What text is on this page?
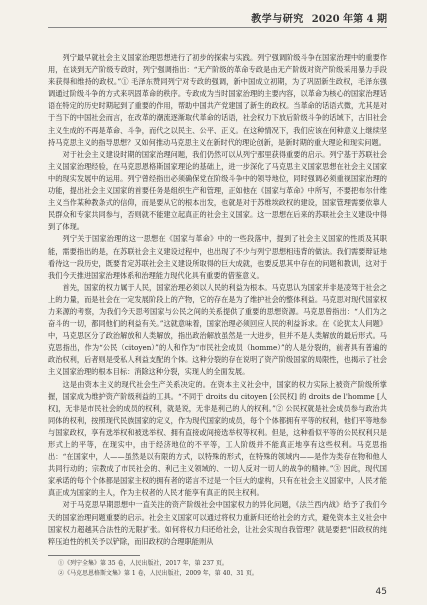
教学与研究 2020 年第 4 期

列宁最早就社会主义国家治理思想进行了初步的探索与实践。列宁强调阶级斗争在国家治理中的重要作用，在谈到无产阶级专政时，列宁强调指出：“无产阶级的革命专政是由无产阶级对资产阶级采用暴力手段来获得和维持的政权。”① 毛泽东赞同列宁对专政的强调，新中国成立初期，为了巩固新生政权，毛泽东强调通过阶级斗争的方式来巩固革命的秩序。专政成为当时国家治理的主要内容，以革命为核心的国家治理话语在特定的历史时期起到了重要的作用，帮助中国共产党建国了新生的政权。当革命的话语式微，尤其是对于当下的中国社会而言，在改革的潮流逐渐取代革命的话语，社会权力下放后阶级斗争的话域下，古旧社会主义生成的不再是革命、斗争，而代之以民主、公平、正义。在这种情况下，我们应该在何种意义上继续坚持马克思主义的指导思想？又如何推动马克思主义在新时代的理论创新，是新时期的重大理论和现实问题。

对于社会主义建设时期的国家治理问题，我们仍然可以从列宁那里获得重要的启示。列宁基于苏联社会主义国家治理经验，在马克思恩格斯国家理论的基础上，进一步深化了马克思主义国家思想在社会主义国家中的现实发展中的运用。列宁曾经指出必须确保党在阶级斗争中的领导地位，同时强调必须重视国家治理的功能，提出社会主义国家的首要任务是组织生产和管理，正如他在《国家与革命》中所写，不要把布尔什维主义当作某种教条式的信仰，而是要从它的根本出发，也就是对于苏维埃政权的建设，国家管理需要依靠人民群众和专家共同参与，否则就不能建立起真正的社会主义国家。这一思想在后来的苏联社会主义建设中得到了体现。

列宁关于国家治理的这一思想在《国家与革命》中的一些段落中，提到了社会主义国家的性质及其职能，需要指出的是，在苏联社会主义建设过程中，也出现了不少与列宁思想相违背的做法。我们需要辩证地看待这一段历史，既要肯定苏联社会主义建设所取得的巨大成就，也要反思其中存在的问题和教训，这对于我们今天推进国家治理体系和治理能力现代化具有重要的借鉴意义。

首先，国家的权力属于人民，国家治理必须以人民的利益为根本。马克思认为国家并非是凌驾于社会之上的力量，而是社会在一定发展阶段上的产物，它的存在是为了维护社会的整体利益。马克思对现代国家权力来源的考察，为我们今天思考国家与公民之间的关系提供了重要的思想资源。马克思曾指出：“人们为之奋斗的一切，都同他们的利益有关。”这就意味着，国家治理必须回应人民的利益诉求。在《论犹太人问题》中，马克思区分了政治解放和人类解放，指出政治解放虽然是一大进步，但并不是人类解放的最后形式。马克思指出，作为“公民（citoyen）”的人和作为“市民社会成员（homme）”的人是分裂的，前者具有普遍的政治权利，后者则是受私人利益支配的个体。这种分裂的存在说明了资产阶级国家的局限性，也揭示了社会主义国家治理的根本目标：消除这种分裂，实现人的全面发展。

这是由资本主义的现代社会生产关系决定的。在资本主义社会中，国家的权力实际上被资产阶级所掌握，国家成为维护资产阶级利益的工具。“不同于 droits du citoyen [公民权] 的 droits de l'homme [人权]，无非是市民社会的成员的权利，就是说，无非是利己的人的权利。”② 公民权就是社会成员参与政治共同体的权利，按照现代民族国家的定义，作为现代国家的成员，每个个体都拥有平等的权利，他们平等地参与国家政权，享有选举权和被选举权、拥有直接或间接选举权等权利。但是，这种看似平等的公民权利只是形式上的平等，在现实中，由于经济地位的不平等，工人阶级并不能真正地享有这些权利。马克思指出：“在国家中，人——虽然是以有限的方式，以特殊的形式，在特殊的领域内——是作为类存在物和他人共同行动的；宗教成了市民社会的、利己主义领域的、一切人反对一切人的战争的精神。”③ 因此，现代国家承诺的每个个体都是国家主权的拥有者的诺言不过是一个巨大的虚构，只有在社会主义国家中，人民才能真正成为国家的主人，作为主权者的人民才能享有真正的民主权利。

对于马克思早期思想中一直关注的资产阶级社会中国家权力的异化问题，《法兰西内战》给予了我们今天的国家治理问题重要的启示。社会主义国家可以通过将权力重新归还给社会的方式，避免资本主义社会中国家权力超越其合法性的无限扩张。如何将权力归还给社会，让社会实现自我管理？就是要把“旧政权的纯粹压迫性的机关予以铲除，而旧政权的合理职能则从

①《列宁全集》第 35 卷，人民出版社，2017 年，第 237 页。
②《马克思恩格斯文集》第 1 卷，人民出版社，2009 年，第 40、31 页。
45
